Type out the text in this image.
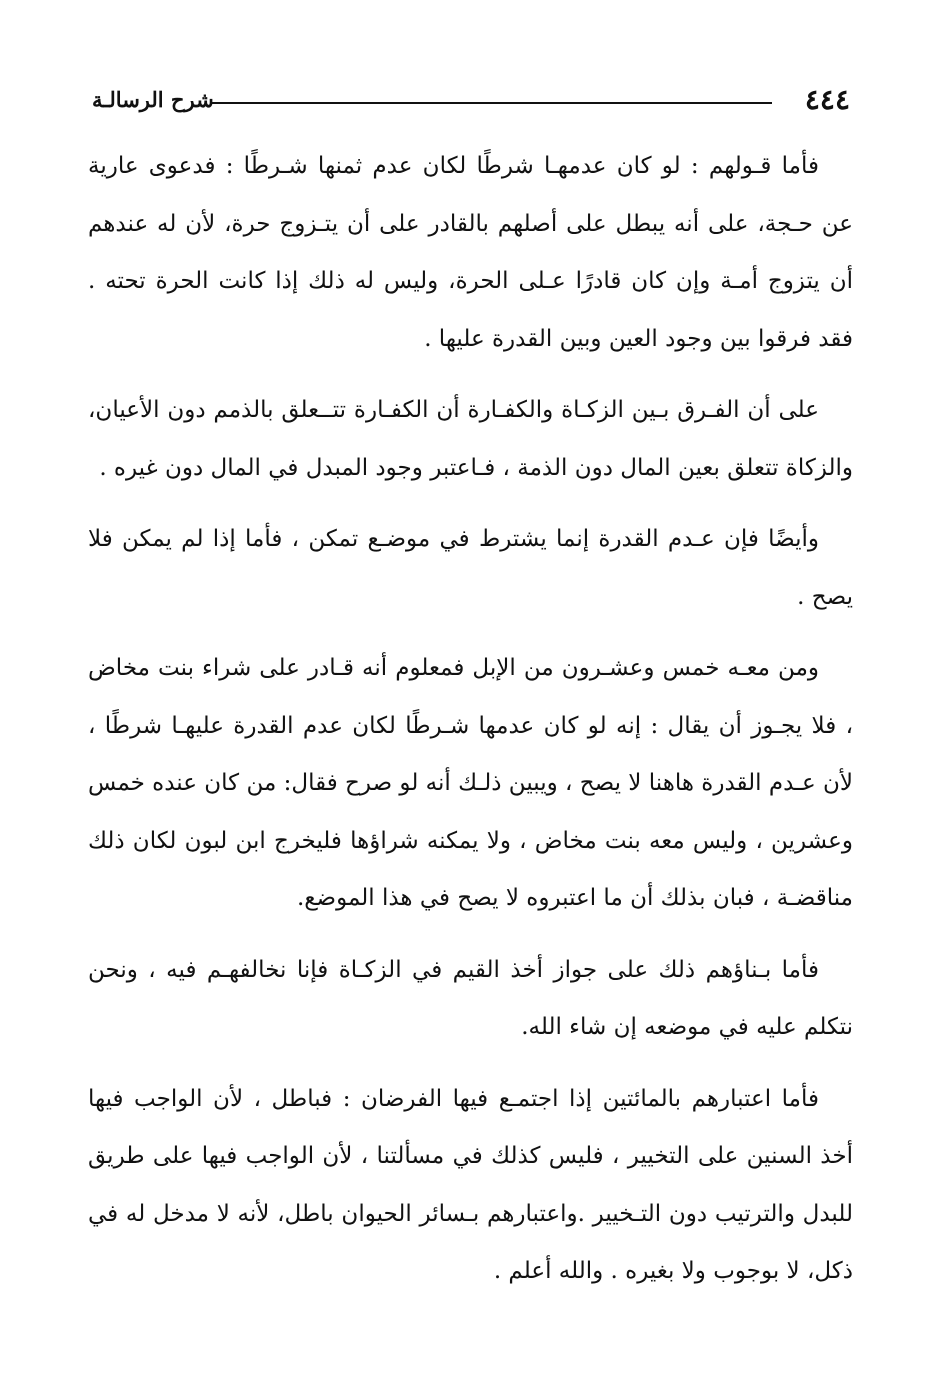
٤٤٤
شرح الرسالـة

فأما قـولهم : لو كان عدمهـا شرطًا لكان عدم ثمنها شـرطًا : فدعوى عارية عن حـجة، على أنه يبطل على أصلهم بالقادر على أن يتـزوج حرة، لأن له عندهم أن يتزوج أمـة وإن كان قادرًا عـلى الحرة، وليس له ذلك إذا كانت الحرة تحته . فقد فرقوا بين وجود العين وبين القدرة عليها .

على أن الفـرق بـين الزكـاة والكفـارة أن الكفـارة تتــعلق بالذمم دون الأعيان، والزكاة تتعلق بعين المال دون الذمة ، فـاعتبر وجود المبدل في المال دون غيره .

وأيضًا فإن عـدم القدرة إنما يشترط في موضـع تمكن ، فأما إذا لم يمكن فلا يصح .

ومن معـه خمس وعشـرون من الإبل فمعلوم أنه قـادر على شراء بنت مخاض ، فلا يجـوز أن يقال : إنه لو كان عدمها شـرطًا لكان عدم القدرة عليهـا شرطًا ، لأن عـدم القدرة هاهنا لا يصح ، ويبين ذلـك أنه لو صرح فقال: من كان عنده خمس وعشرين ، وليس معه بنت مخاض ، ولا يمكنه شراؤها فليخرج ابن لبون لكان ذلك مناقضـة ، فبان بذلك أن ما اعتبروه لا يصح في هذا الموضع.

فأما بـناؤهم ذلك على جواز أخذ القيم في الزكـاة فإنا نخالفهـم فيه ، ونحن نتكلم عليه في موضعه إن شاء الله.

فأما اعتبارهم بالمائتين إذا اجتمـع فيها الفرضان : فباطل ، لأن الواجب فيها أخذ السنين على التخيير ، فليس كذلك في مسألتنا ، لأن الواجب فيها على طريق للبدل والترتيب دون التـخيير .واعتبارهم بـسائر الحيوان باطل، لأنه لا مدخل له في ذكل، لا بوجوب ولا بغيره . والله أعلم .
